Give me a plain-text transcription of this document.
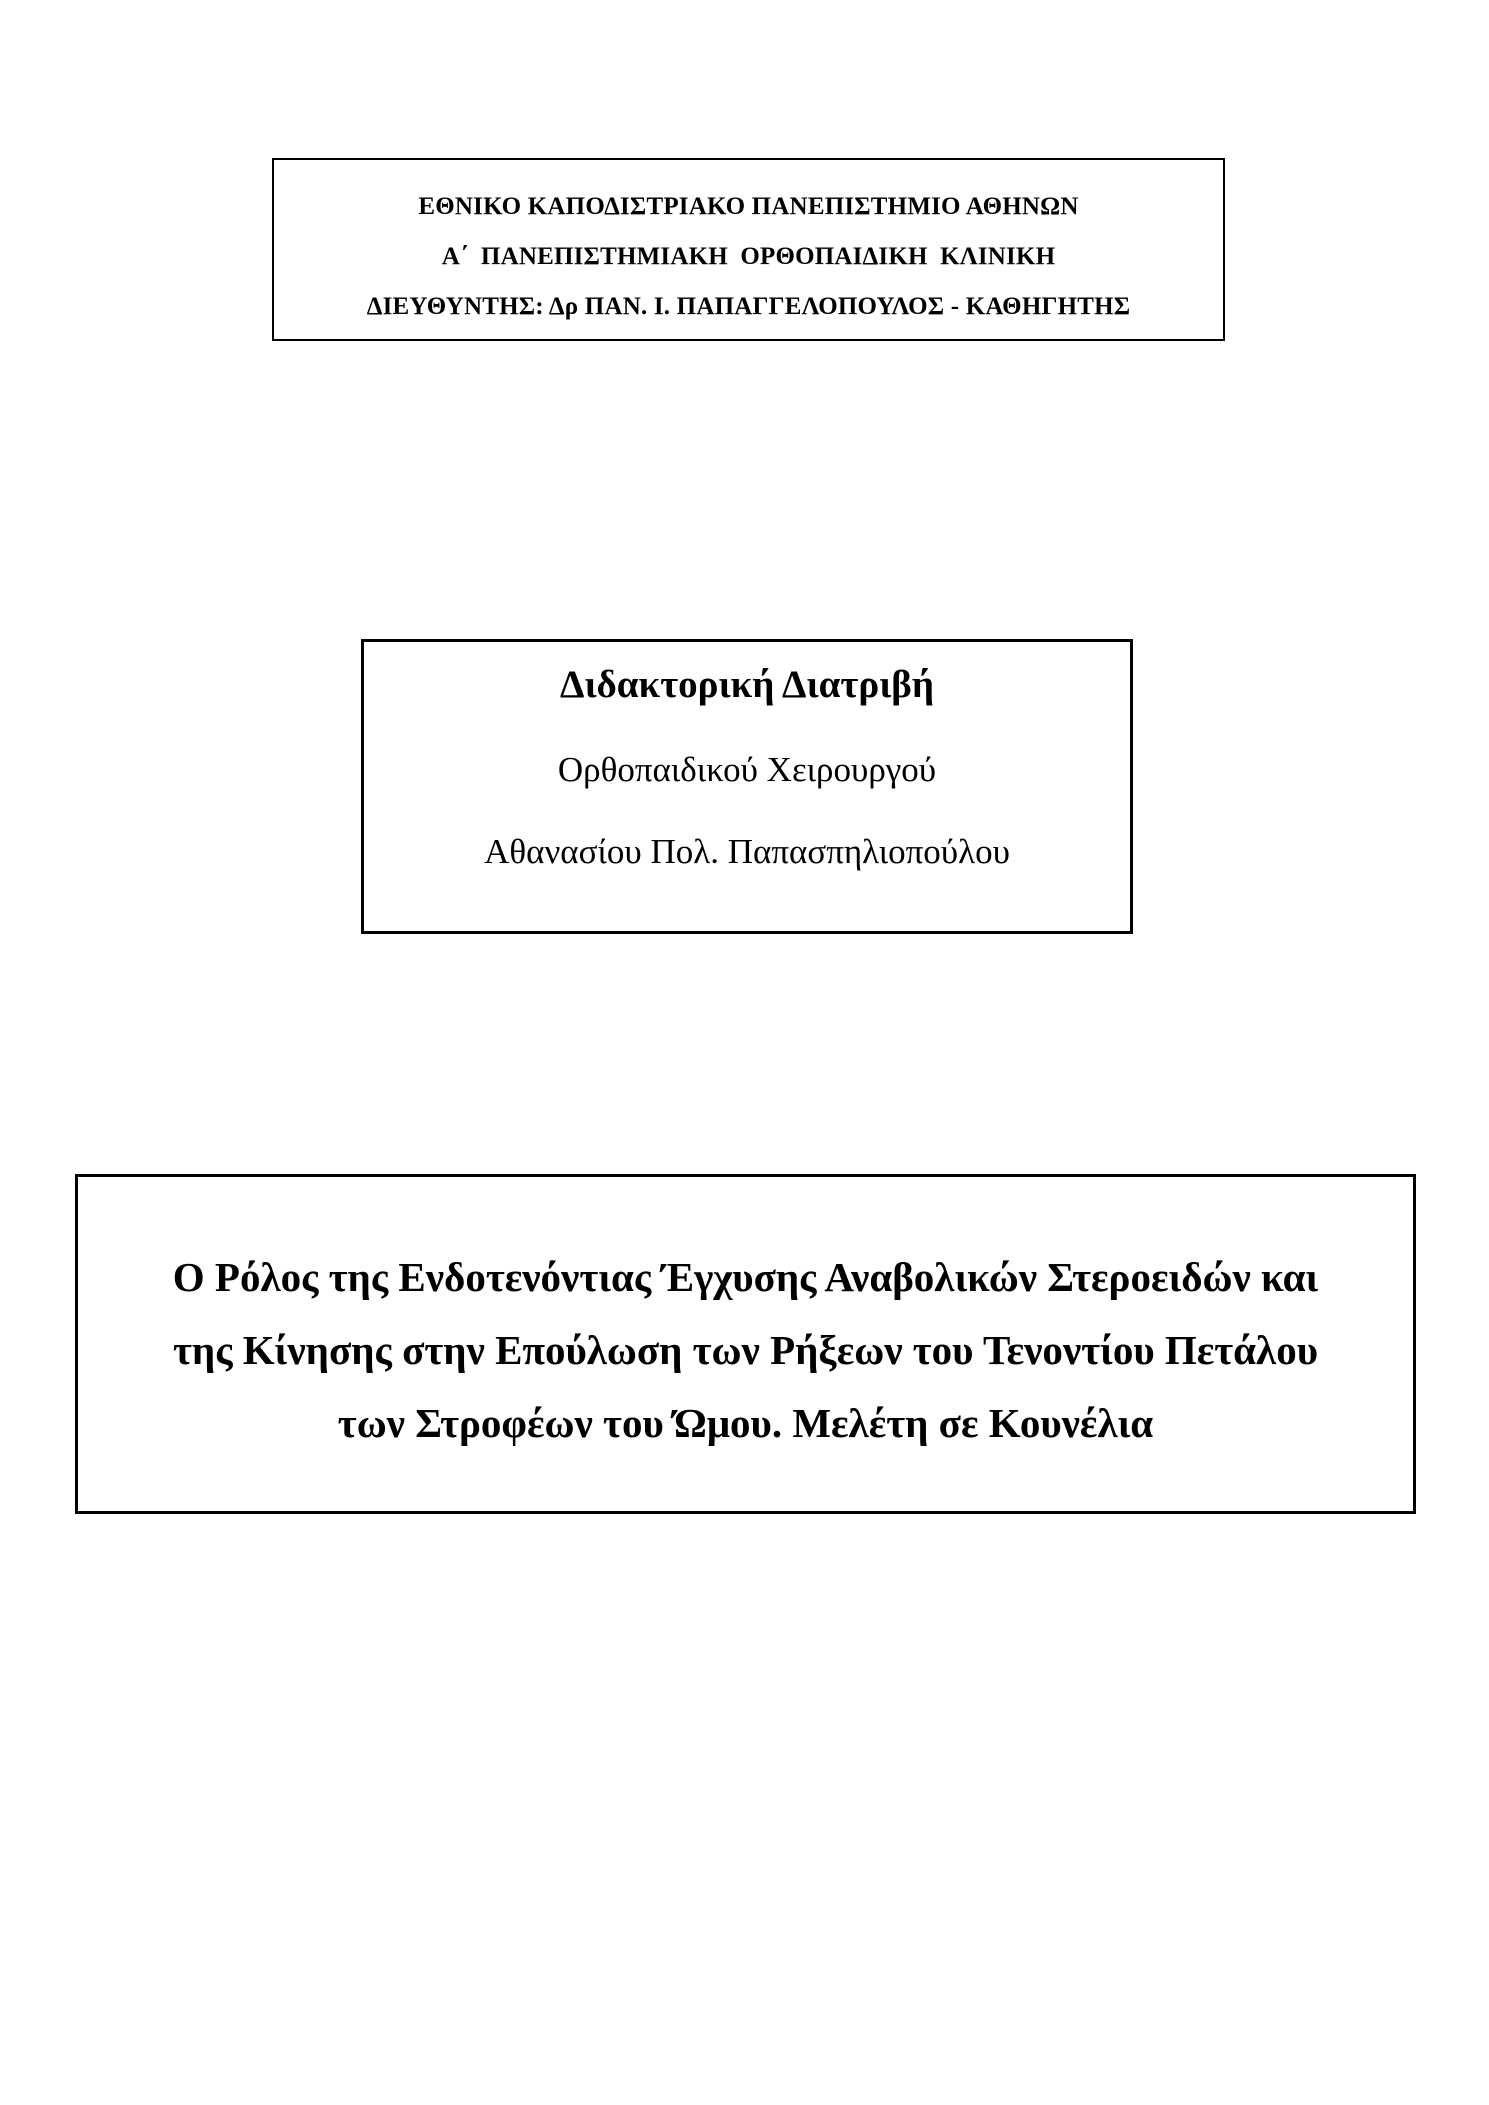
ΕΘΝΙΚΟ ΚΑΠΟΔΙΣΤΡΙΑΚΟ ΠΑΝΕΠΙΣΤΗΜΙΟ ΑΘΗΝΩΝ
Α΄ ΠΑΝΕΠΙΣΤΗΜΙΑΚΗ ΟΡΘΟΠΑΙΔΙΚΗ ΚΛΙΝΙΚΗ
ΔΙΕΥΘΥΝΤΗΣ: Δρ ΠΑΝ. Ι. ΠΑΠΑΓΓΕΛΟΠΟΥΛΟΣ - ΚΑΘΗΓΗΤΗΣ
Διδακτορική Διατριβή
Ορθοπαιδικού Χειρουργού
Αθανασίου Πολ. Παπασπηλιοπούλου
Ο Ρόλος της Ενδοτενόντιας Έγχυσης Αναβολικών Στεροειδών και
της Κίνησης στην Επούλωση των Ρήξεων του Τενοντίου Πετάλου
των Στροφέων του Ώμου. Μελέτη σε Κουνέλια
